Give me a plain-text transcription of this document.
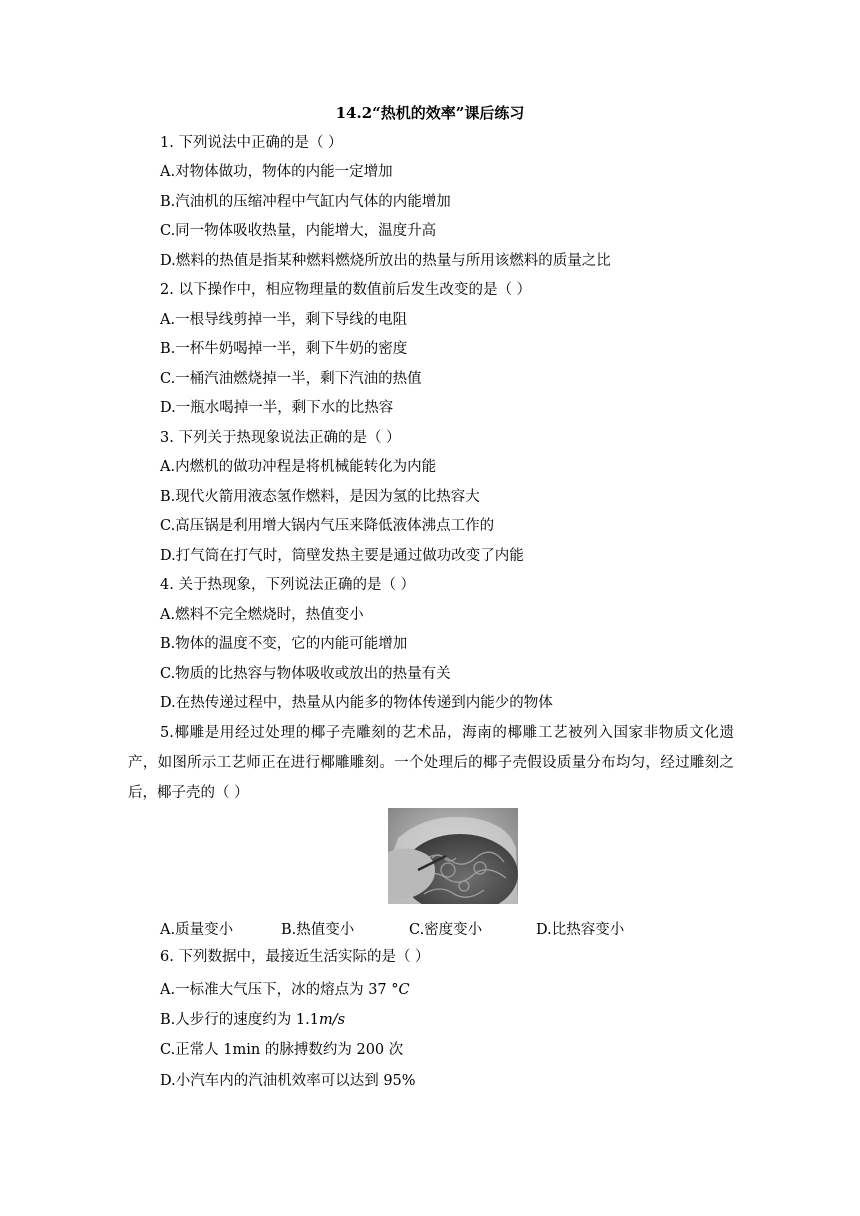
14.2“热机的效率”课后练习
1. 下列说法中正确的是（ ）
A.对物体做功，物体的内能一定增加
B.汽油机的压缩冲程中气缸内气体的内能增加
C.同一物体吸收热量，内能增大，温度升高
D.燃料的热值是指某种燃料燃烧所放出的热量与所用该燃料的质量之比
2. 以下操作中，相应物理量的数值前后发生改变的是（ ）
A.一根导线剪掉一半，剩下导线的电阻
B.一杯牛奶喝掉一半，剩下牛奶的密度
C.一桶汽油燃烧掉一半，剩下汽油的热值
D.一瓶水喝掉一半，剩下水的比热容
3. 下列关于热现象说法正确的是（ ）
A.内燃机的做功冲程是将机械能转化为内能
B.现代火箭用液态氢作燃料，是因为氢的比热容大
C.高压锅是利用增大锅内气压来降低液体沸点工作的
D.打气筒在打气时，筒壁发热主要是通过做功改变了内能
4. 关于热现象，下列说法正确的是（ ）
A.燃料不完全燃烧时，热值变小
B.物体的温度不变，它的内能可能增加
C.物质的比热容与物体吸收或放出的热量有关
D.在热传递过程中，热量从内能多的物体传递到内能少的物体
5.椰雕是用经过处理的椰子壳雕刻的艺术品，海南的椰雕工艺被列入国家非物质文化遗产，如图所示工艺师正在进行椰雕雕刻。一个处理后的椰子壳假设质量分布均匀，经过雕刻之后，椰子壳的（ ）
A.质量变小	B.热值变小	C.密度变小	D.比热容变小
6. 下列数据中，最接近生活实际的是（ ）
A.一标准大气压下，冰的熔点为 37 °C
B.人步行的速度约为 1.1m/s
C.正常人 1min 的脉搏数约为 200 次
D.小汽车内的汽油机效率可以达到 95%
